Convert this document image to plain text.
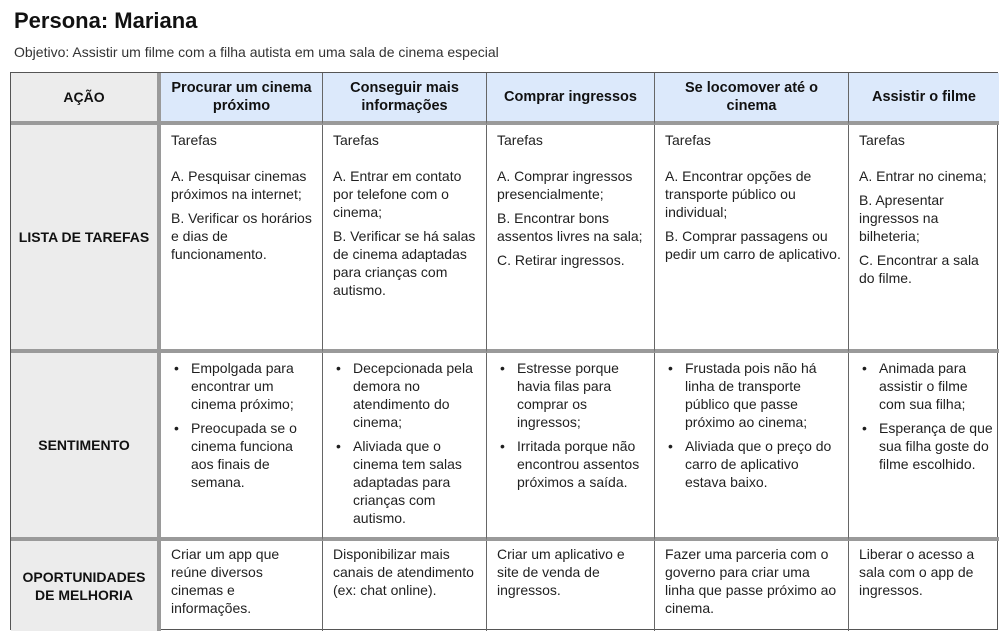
Persona: Mariana
Objetivo: Assistir um filme com a filha autista em uma sala de cinema especial
AÇÃO
Procurar um cinema próximo
Conseguir mais informações
Comprar ingressos
Se locomover até o cinema
Assistir o filme
LISTA DE TAREFAS
Tarefas
A. Pesquisar cinemas próximos na internet;
B. Verificar os horários e dias de funcionamento.
Tarefas
A. Entrar em contato por telefone com o cinema;
B. Verificar se há salas de cinema adaptadas para crianças com autismo.
Tarefas
A. Comprar ingressos presencialmente;
B. Encontrar bons assentos livres na sala;
C. Retirar ingressos.
Tarefas
A. Encontrar opções de transporte público ou individual;
B. Comprar passagens ou pedir um carro de aplicativo.
Tarefas
A. Entrar no cinema;
B. Apresentar ingressos na bilheteria;
C. Encontrar a sala do filme.
SENTIMENTO
• Empolgada para encontrar um cinema próximo;
• Preocupada se o cinema funciona aos finais de semana.
• Decepcionada pela demora no atendimento do cinema;
• Aliviada que o cinema tem salas adaptadas para crianças com autismo.
• Estresse porque havia filas para comprar os ingressos;
• Irritada porque não encontrou assentos próximos a saída.
• Frustada pois não há linha de transporte público que passe próximo ao cinema;
• Aliviada que o preço do carro de aplicativo estava baixo.
• Animada para assistir o filme com sua filha;
• Esperança de que sua filha goste do filme escolhido.
OPORTUNIDADES DE MELHORIA
Criar um app que reúne diversos cinemas e informações.
Disponibilizar mais canais de atendimento (ex: chat online).
Criar um aplicativo e site de venda de ingressos.
Fazer uma parceria com o governo para criar uma linha que passe próximo ao cinema.
Liberar o acesso a sala com o app de ingressos.
